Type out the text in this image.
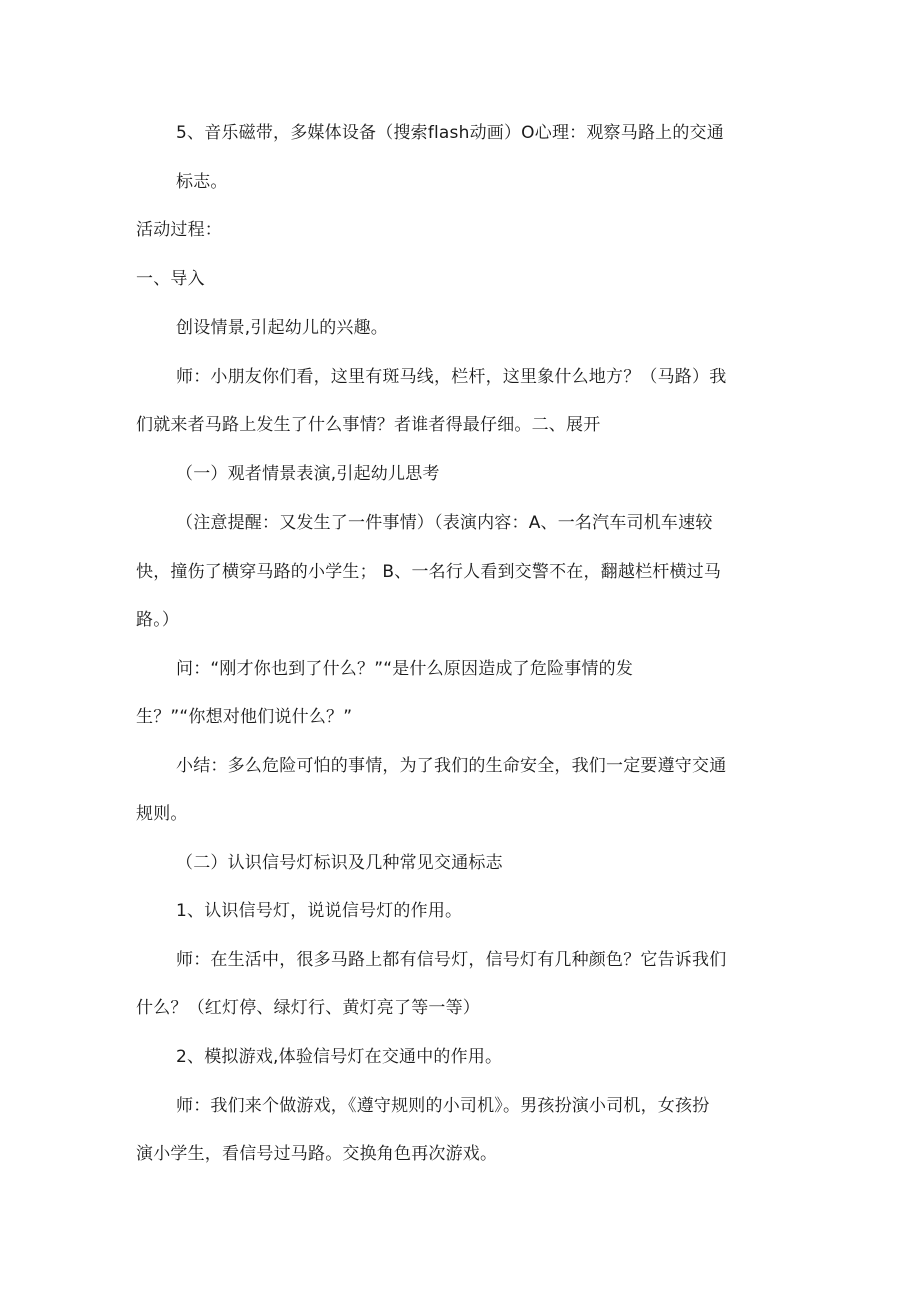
5、音乐磁带，多媒体设备（搜索flash动画）O心理：观察马路上的交通
标志。
活动过程：
一、导入
创设情景,引起幼儿的兴趣。
师：小朋友你们看，这里有斑马线，栏杆，这里象什么地方？（马路）我
们就来者马路上发生了什么事情？者谁者得最仔细。二、展开
（一）观者情景表演,引起幼儿思考
（注意提醒：又发生了一件事情）（表演内容：A、一名汽车司机车速较
快，撞伤了横穿马路的小学生； B、一名行人看到交警不在，翻越栏杆横过马
路。）
问：“刚才你也到了什么？”“是什么原因造成了危险事情的发
生？”“你想对他们说什么？”
小结：多么危险可怕的事情，为了我们的生命安全，我们一定要遵守交通
规则。
（二）认识信号灯标识及几种常见交通标志
1、认识信号灯，说说信号灯的作用。
师：在生活中，很多马路上都有信号灯，信号灯有几种颜色？它告诉我们
什么？（红灯停、绿灯行、黄灯亮了等一等）
2、模拟游戏,体验信号灯在交通中的作用。
师：我们来个做游戏，《遵守规则的小司机》。男孩扮演小司机，女孩扮
演小学生，看信号过马路。交换角色再次游戏。
